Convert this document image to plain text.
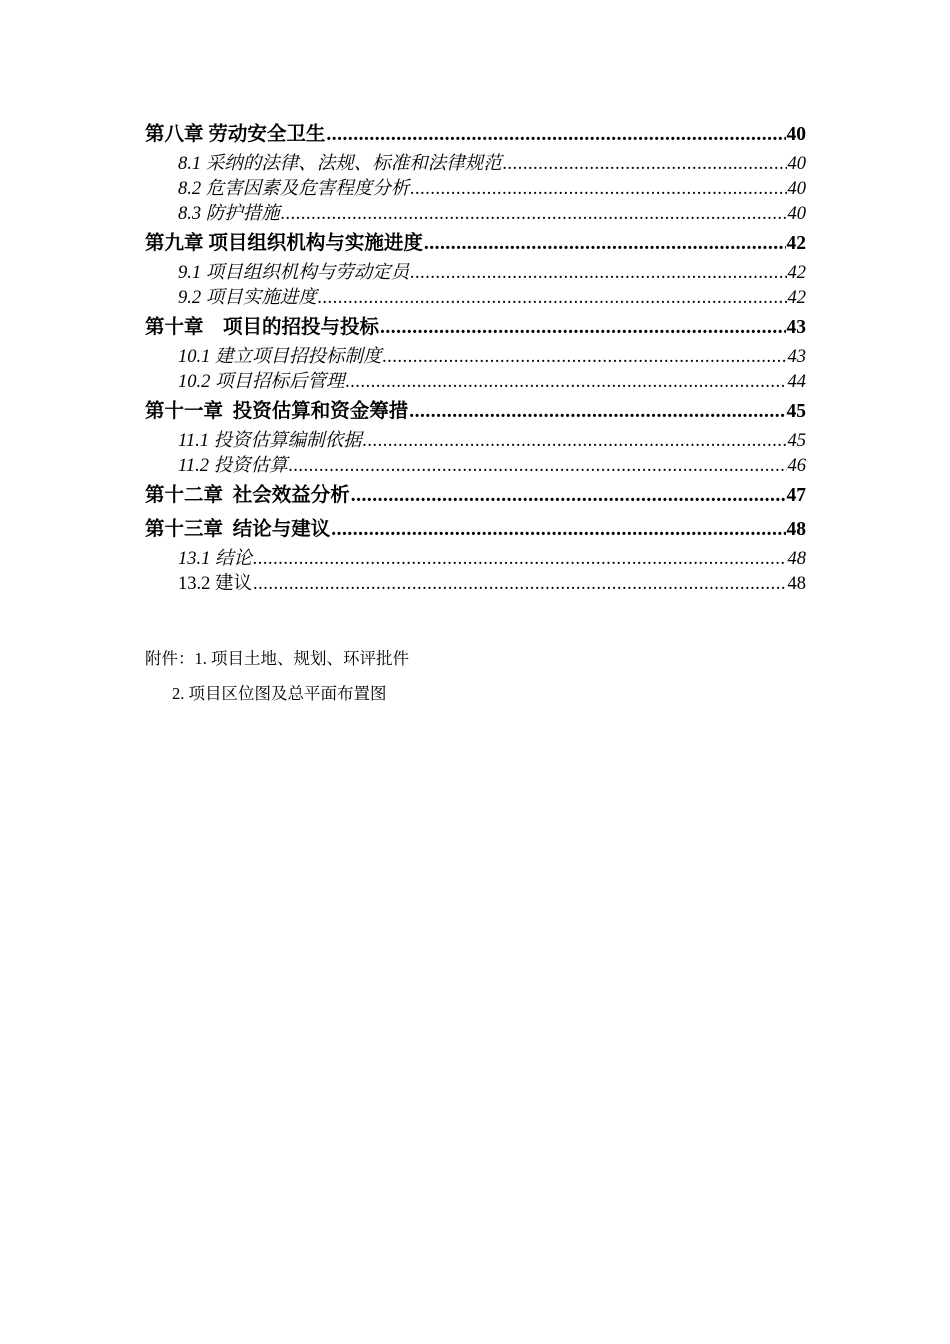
第八章 劳动安全卫生 .....	40
8.1 采纳的法律、法规、标准和法律规范 .....	40
8.2 危害因素及危害程度分析 .....	40
8.3 防护措施 .....	40
第九章 项目组织机构与实施进度 .....	42
9.1 项目组织机构与劳动定员 .....	42
9.2 项目实施进度 .....	42
第十章    项目的招投与投标 .....	43
10.1 建立项目招投标制度 .....	43
10.2 项目招标后管理 .....	44
第十一章  投资估算和资金筹措 .....	45
11.1 投资估算编制依据 .....	45
11.2 投资估算 .....	46
第十二章  社会效益分析 .....	47
第十三章  结论与建议 .....	48
13.1 结论 .....	48
13.2 建议 .....	48
附件：1. 项目土地、规划、环评批件
2. 项目区位图及总平面布置图
